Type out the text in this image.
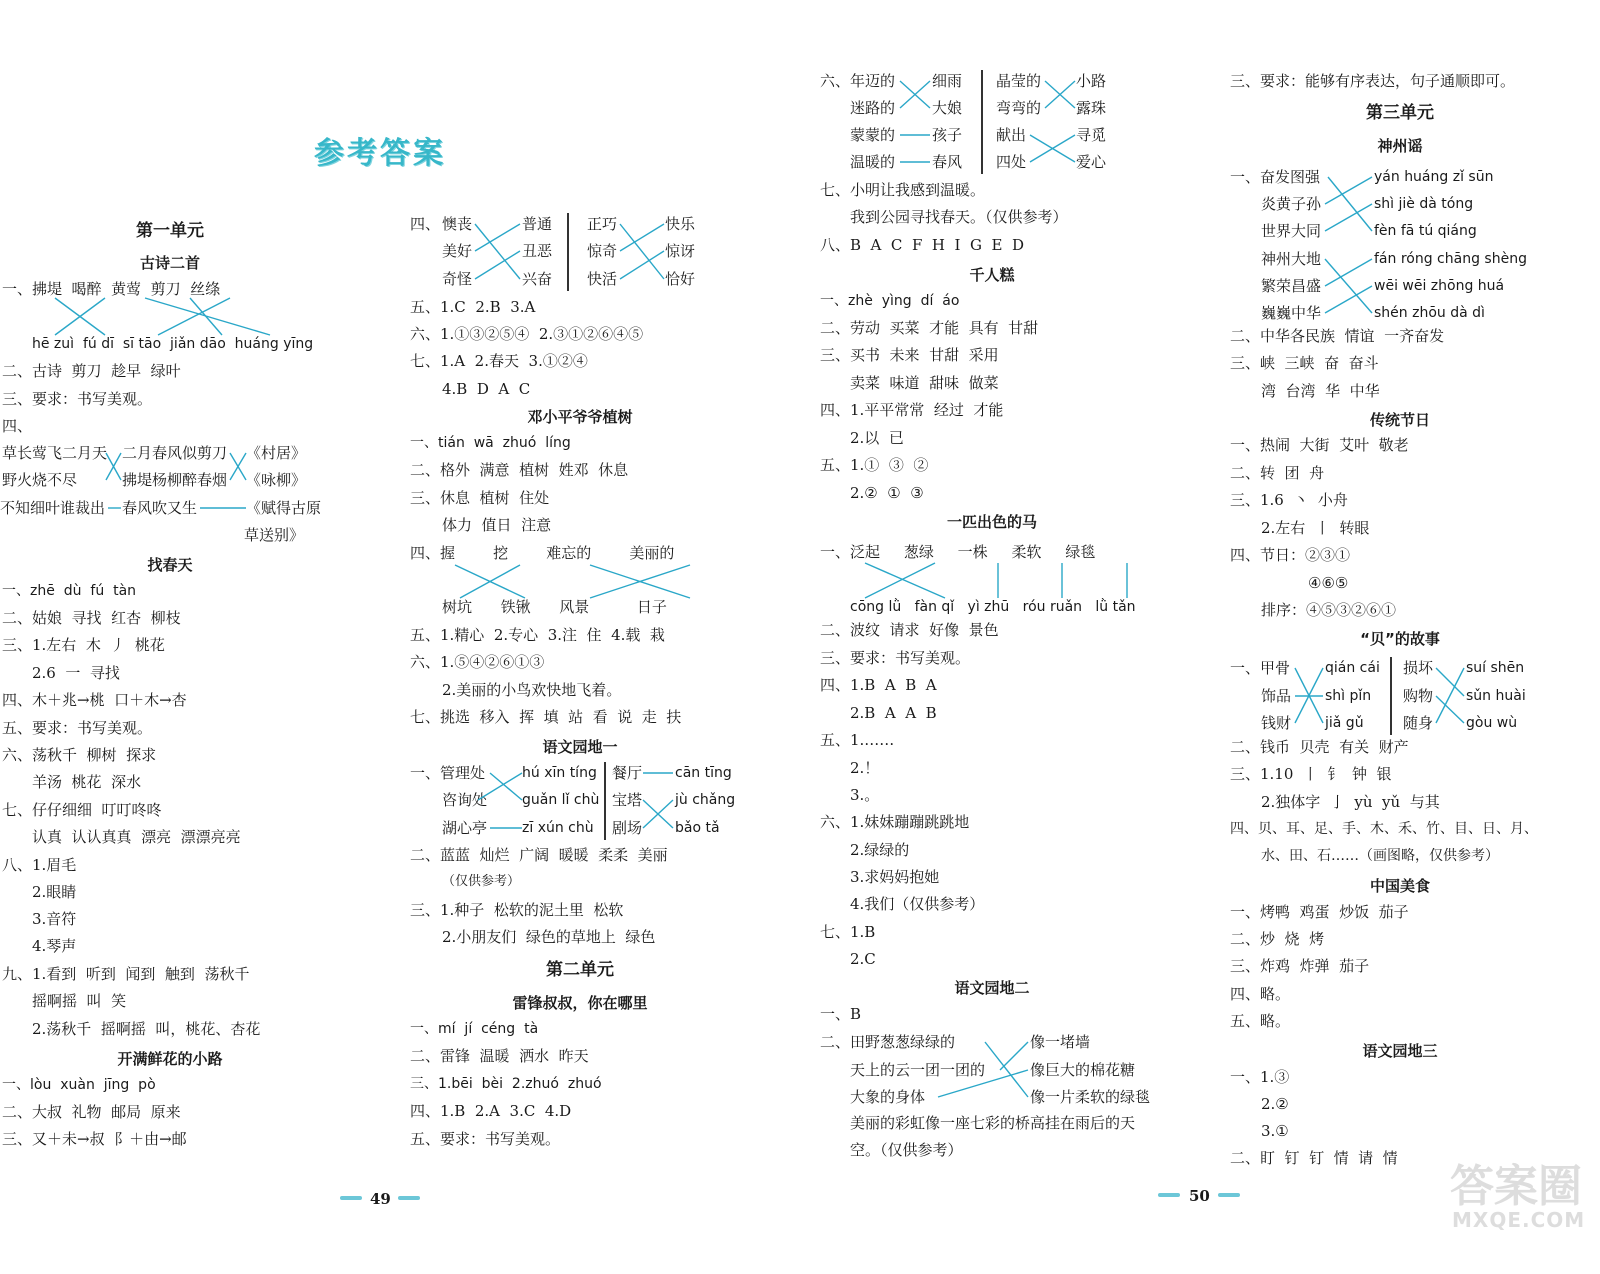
参考答案
第一单元
古诗二首
一、拂堤  喝醉  黄莺  剪刀  丝绦
hē zuì  fú dī  sī tāo  jiǎn dāo  huáng yīng
二、古诗  剪刀  趁早  绿叶
三、要求：书写美观。
四、
草长莺飞二月天
野火烧不尽
不知细叶谁裁出
二月春风似剪刀
拂堤杨柳醉春烟
春风吹又生
《村居》
《咏柳》
《赋得古原
草送别》
找春天
一、zhē  dù  fú  tàn
二、姑娘  寻找  红杏  柳枝
三、1.左右  木  丿  桃花
2.6  一  寻找
四、木＋兆→桃  口＋木→杏
五、要求：书写美观。
六、荡秋千  柳树  探求
羊汤  桃花  深水
七、仔仔细细  叮叮咚咚
认真  认认真真  漂亮  漂漂亮亮
八、1.眉毛
2.眼睛
3.音符
4.琴声
九、1.看到  听到  闻到  触到  荡秋千
摇啊摇  叫  笑
2.荡秋千  摇啊摇  叫，桃花、杏花
开满鲜花的小路
一、lòu  xuàn  jīng  pò
二、大叔  礼物  邮局  原来
三、又＋未→叔  阝＋由→邮
四、 懊丧
美好
奇怪
普通
丑恶
兴奋
正巧
惊奇
快活
快乐
惊讶
恰好
五、1.C  2.B  3.A
六、1.①③②⑤④  2.③①②⑥④⑤
七、1.A  2.春天  3.①②④
4.B  D  A  C
邓小平爷爷植树
一、tián  wā  zhuó  líng
二、格外  满意  植树  姓邓  休息
三、休息  植树  住处
体力  值日  注意
四、握        挖        难忘的        美丽的
树坑      铁锹      风景          日子
五、1.精心  2.专心  3.注  住  4.载  栽
六、1.⑤④②⑥①③
2.美丽的小鸟欢快地飞着。
七、挑选  移入  挥  填  站  看  说  走  扶
语文园地一
一、管理处
咨询处
湖心亭
hú xīn tíng
guǎn lǐ chù
zī xún chù
餐厅
宝塔
剧场
cān tīng
jù chǎng
bǎo tǎ
二、蓝蓝  灿烂  广阔  暖暖  柔柔  美丽
（仅供参考）
三、1.种子  松软的泥土里  松软
2.小朋友们  绿色的草地上  绿色
第二单元
雷锋叔叔，你在哪里
一、mí  jí  céng  tà
二、雷锋  温暖  洒水  昨天
三、1.bēi  bèi  2.zhuó  zhuó
四、1.B  2.A  3.C  4.D
五、要求：书写美观。
49	50
六、 年迈的
迷路的
蒙蒙的
温暖的
细雨
大娘
孩子
春风
晶莹的
弯弯的
献出
四处
小路
露珠
寻觅
爱心
七、小明让我感到温暖。
我到公园寻找春天。（仅供参考）
八、B  A  C  F  H  I  G  E  D
千人糕
一、zhè  yìng  dí  áo
二、劳动  买菜  才能  具有  甘甜
三、买书  未来  甘甜  采用
卖菜  味道  甜味  做菜
四、1.平平常常  经过  才能
2.以  已
五、1.①  ③  ②
2.②  ①  ③
一匹出色的马
一、泛起     葱绿     一株     柔软     绿毯
cōng lǜ   fàn qǐ   yì zhū   róu ruǎn   lǜ tǎn
二、波纹  请求  好像  景色
三、要求：书写美观。
四、1.B  A  B  A
2.B  A  A  B
五、1.……
2.！
3.。
六、1.妹妹蹦蹦跳跳地
2.绿绿的
3.求妈妈抱她
4.我们（仅供参考）
七、1.B
2.C
语文园地二
一、B
二、田野葱葱绿绿的
天上的云一团一团的
大象的身体
像一堵墙
像巨大的棉花糖
像一片柔软的绿毯
美丽的彩虹像一座七彩的桥高挂在雨后的天
空。（仅供参考）
三、要求：能够有序表达，句子通顺即可。
第三单元
神州谣
一、奋发图强
炎黄子孙
世界大同
神州大地
繁荣昌盛
巍巍中华
yán huáng zǐ sūn
shì jiè dà tóng
fèn fā tú qiáng
fán róng chāng shèng
wēi wēi zhōng huá
shén zhōu dà dì
二、中华各民族  情谊  一齐奋发
三、峡  三峡  奋  奋斗
湾  台湾  华  中华
传统节日
一、热闹  大街  艾叶  敬老
二、转  团  舟
三、1.6  丶  小舟
2.左右  丨  转眼
四、节日：②③①
④⑥⑤
排序：④⑤③②⑥①
“贝”的故事
一、甲骨
饰品
钱财
qián cái
shì pǐn
jiǎ gǔ
损坏
购物
随身
suí shēn
sǔn huài
gòu wù
二、钱币  贝壳  有关  财产
三、1.10  丨  钅  钟  银
2.独体字  亅  yù  yǔ  与其
四、贝、耳、足、手、木、禾、竹、目、日、月、
水、田、石……（画图略，仅供参考）
中国美食
一、烤鸭  鸡蛋  炒饭  茄子
二、炒  烧  烤
三、炸鸡  炸弹  茄子
四、略。
五、略。
语文园地三
一、1.③
2.②
3.①
二、盯  钉  钉  情  请  情
答案圈
MXQE.COM
